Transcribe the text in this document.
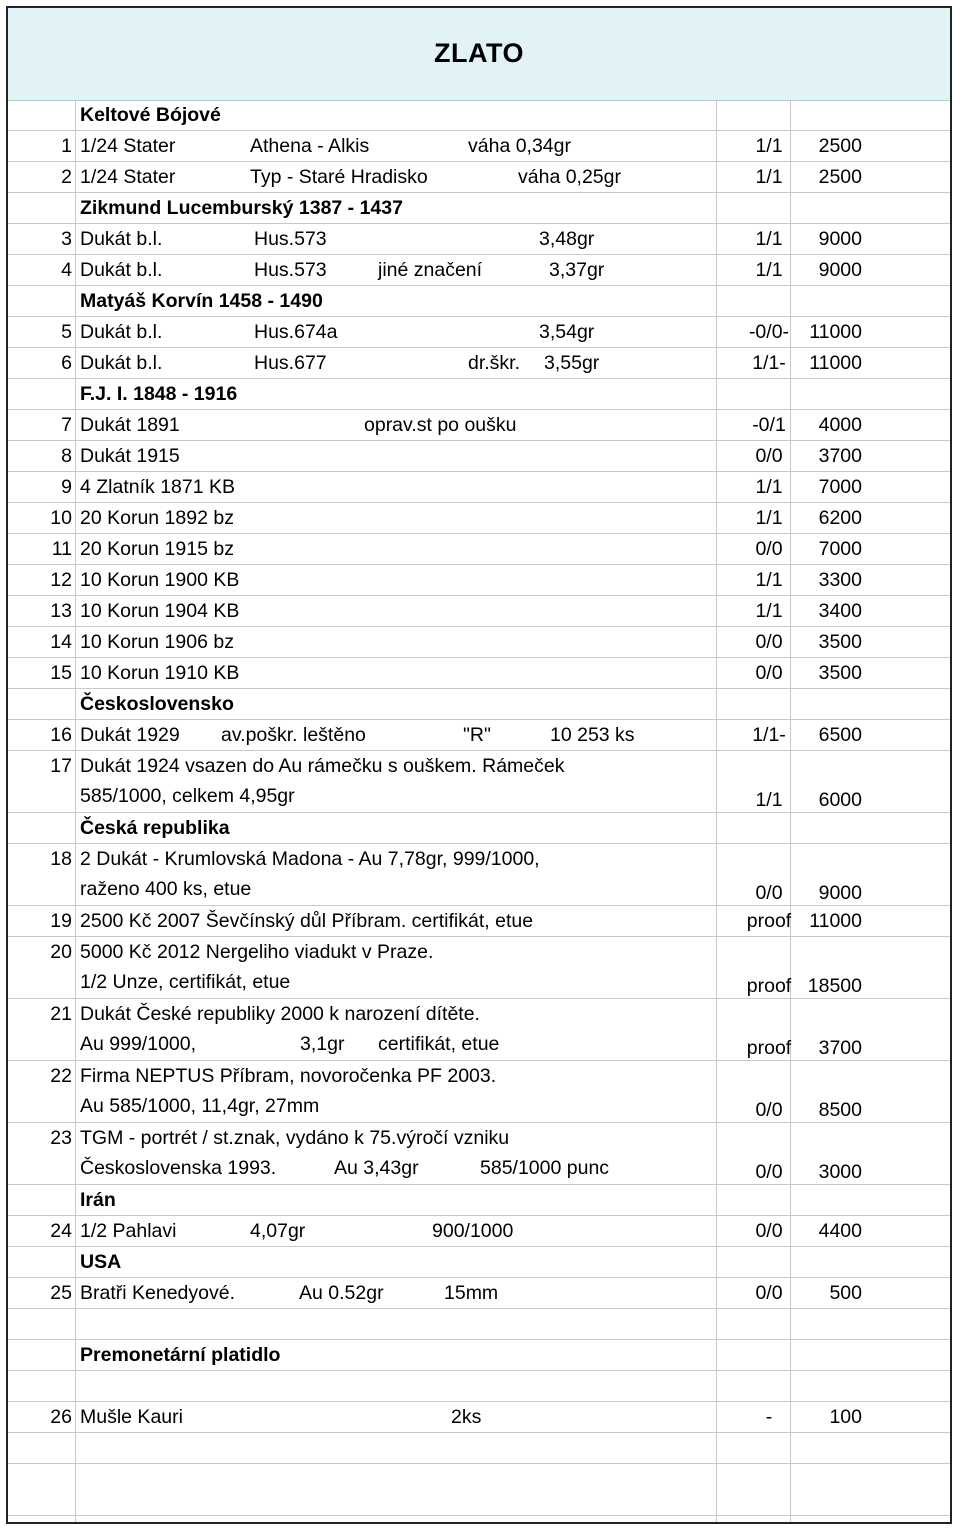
ZLATO
Keltové Bójové
1 1/24 Stater	Athena - Alkis	váha 0,34gr	1/1	2500
2 1/24 Stater	Typ - Staré Hradisko	váha 0,25gr	1/1	2500
Zikmund Lucemburský 1387 - 1437
3 Dukát b.l.	Hus.573	3,48gr	1/1	9000
4 Dukát b.l.	Hus.573	jiné značení	3,37gr	1/1	9000
Matyáš Korvín 1458 - 1490
5 Dukát b.l.	Hus.674a	3,54gr	-0/0-	11000
6 Dukát b.l.	Hus.677	dr.škr. 3,55gr	1/1-	11000
F.J. I. 1848 - 1916
7 Dukát 1891	oprav.st po oušku	-0/1	4000
8 Dukát 1915	0/0	3700
9 4 Zlatník 1871 KB	1/1	7000
10 20 Korun 1892 bz	1/1	6200
11 20 Korun 1915 bz	0/0	7000
12 10 Korun 1900 KB	1/1	3300
13 10 Korun 1904 KB	1/1	3400
14 10 Korun 1906 bz	0/0	3500
15 10 Korun 1910 KB	0/0	3500
Československo
16 Dukát 1929 av.poškr. leštěno	"R"	10 253 ks	1/1-	6500
17 Dukát 1924 vsazen do Au rámečku s ouškem. Rámeček
585/1000, celkem 4,95gr	1/1	6000
Česká republika
18 2 Dukát - Krumlovská Madona - Au 7,78gr, 999/1000,
raženo 400 ks, etue	0/0	9000
19 2500 Kč 2007 Ševčínský důl Příbram. certifikát, etue	proof 11000
20 5000 Kč 2012 Nergeliho viadukt v Praze.
1/2 Unze, certifikát, etue	proof 18500
21 Dukát České republiky 2000 k narození dítěte.
Au 999/1000,	3,1gr certifikát, etue	proof	3700
22 Firma NEPTUS Příbram, novoročenka PF 2003.
Au 585/1000, 11,4gr, 27mm	0/0	8500
23 TGM - portrét / st.znak, vydáno k 75.výročí vzniku
Československa 1993.	Au 3,43gr	585/1000 punc	0/0	3000
Irán
24 1/2 Pahlavi	4,07gr	900/1000	0/0	4400
USA
25 Bratři Kenedyové.	Au 0.52gr	15mm	0/0	500
Premonetární platidlo
26 Mušle Kauri	2ks	-	100
